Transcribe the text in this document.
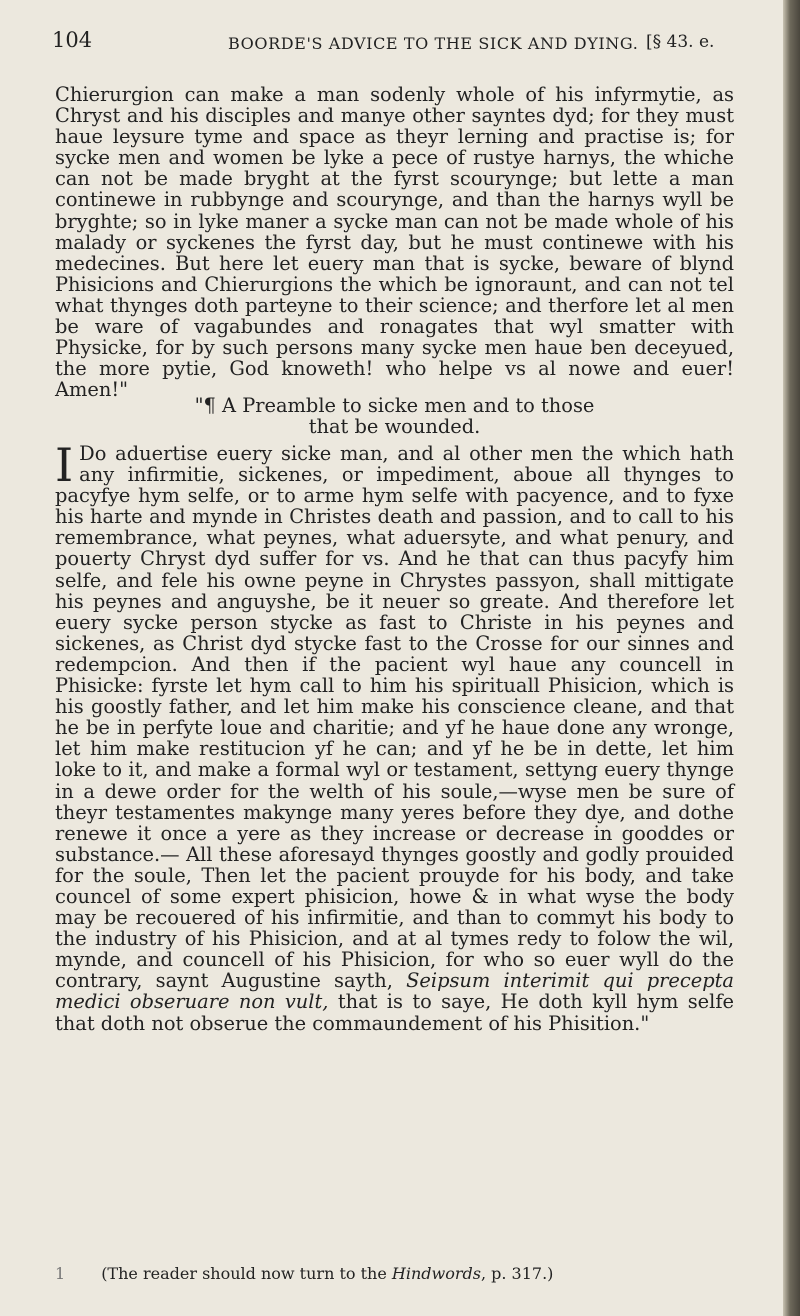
104	BOORDE'S ADVICE TO THE SICK AND DYING. [§ 43. e.
Chierurgion can make a man sodenly whole of his infyrmytie, as Chryst and his disciples and manye other sayntes dyd; for they must haue leysure tyme and space as theyr lerning and practise is; for sycke men and women be lyke a pece of rustye harnys, the whiche can not be made bryght at the fyrst scourynge; but lette a man continewe in rubbynge and scourynge, and than the harnys wyll be bryghte; so in lyke maner a sycke man can not be made whole of his malady or syckenes the fyrst day, but he must continewe with his medecines. But here let euery man that is sycke, beware of blynd Phisicions and Chierurgions the which be ignoraunt, and can not tel what thynges doth parteyne to their science; and therfore let al men be ware of vagabundes and ronagates that wyl smatter with Physicke, for by such persons many sycke men haue ben deceyued, the more pytie, God knoweth! who helpe vs al nowe and euer! Amen!"
"¶ A Preamble to sicke men and to those
that be wounded.
I Do aduertise euery sicke man, and al other men the which hath any infirmitie, sickenes, or impediment, aboue all thynges to pacyfye hym selfe, or to arme hym selfe with pacyence, and to fyxe his harte and mynde in Christes death and passion, and to call to his remembrance, what peynes, what aduersyte, and what penury, and pouerty Chryst dyd suffer for vs. And he that can thus pacyfy him selfe, and fele his owne peyne in Chrystes passyon, shall mittigate his peynes and anguyshe, be it neuer so greate. And therefore let euery sycke person stycke as fast to Christe in his peynes and sickenes, as Christ dyd stycke fast to the Crosse for our sinnes and redempcion. And then if the pacient wyl haue any councell in Phisicke: fyrste let hym call to him his spirituall Phisicion, which is his goostly father, and let him make his conscience cleane, and that he be in perfyte loue and charitie; and yf he haue done any wronge, let him make restitucion yf he can; and yf he be in dette, let him loke to it, and make a formal wyl or testament, settyng euery thynge in a dewe order for the welth of his soule,—wyse men be sure of theyr testamentes makynge many yeres before they dye, and dothe renewe it once a yere as they increase or decrease in gooddes or substance.— All these aforesayd thynges goostly and godly prouided for the soule, Then let the pacient prouyde for his body, and take councel of some expert phisicion, howe & in what wyse the body may be recouered of his infirmitie, and than to commyt his body to the industry of his Phisicion, and at al tymes redy to folow the wil, mynde, and councell of his Phisicion, for who so euer wyll do the contrary, saynt Augustine sayth, Seipsum interimit qui precepta medici obseruare non vult, that is to saye, He doth kyll hym selfe that doth not obserue the commaundement of his Phisition."
1 (The reader should now turn to the Hindwords, p. 317.)
